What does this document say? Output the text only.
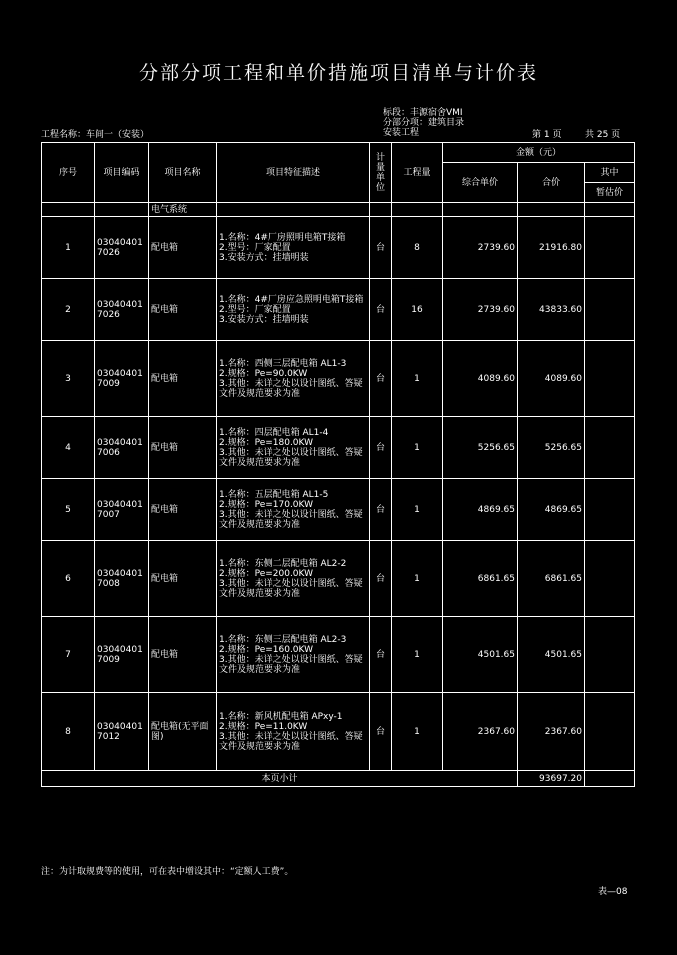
分部分项工程和单价措施项目清单与计价表
标段：丰源宿舍VMI
分部分项：建筑目录
安装工程
工程名称：车间一（安装）	第 1 页	共 25 页
序号	项目编码	项目名称	项目特征描述	计量单位	工程量	金额（元）		
						综合单价	合价	其中
								暂估价
		电气系统						
1	030404017026	配电箱	1.名称：4#厂房照明电箱T接箱
2.型号：厂家配置
3.安装方式：挂墙明装	台	8	2739.60	21916.80	
2	030404017026	配电箱	1.名称：4#厂房应急照明电箱T接箱
2.型号：厂家配置
3.安装方式：挂墙明装	台	16	2739.60	43833.60	
3	030404017009	配电箱	1.名称：西侧三层配电箱 AL1-3
2.规格：Pe=90.0KW
3.其他：未详之处以设计图纸、答疑文件及规范要求为准	台	1	4089.60	4089.60	
4	030404017006	配电箱	1.名称：四层配电箱 AL1-4
2.规格：Pe=180.0KW
3.其他：未详之处以设计图纸、答疑文件及规范要求为准	台	1	5256.65	5256.65	
5	030404017007	配电箱	1.名称：五层配电箱 AL1-5
2.规格：Pe=170.0KW
3.其他：未详之处以设计图纸、答疑文件及规范要求为准	台	1	4869.65	4869.65	
6	030404017008	配电箱	1.名称：东侧二层配电箱 AL2-2
2.规格：Pe=200.0KW
3.其他：未详之处以设计图纸、答疑文件及规范要求为准	台	1	6861.65	6861.65	
7	030404017009	配电箱	1.名称：东侧三层配电箱 AL2-3
2.规格：Pe=160.0KW
3.其他：未详之处以设计图纸、答疑文件及规范要求为准	台	1	4501.65	4501.65	
8	030404017012	配电箱(无平面图)	1.名称：新风机配电箱 APxy-1
2.规格：Pe=11.0KW
3.其他：未详之处以设计图纸、答疑文件及规范要求为准	台	1	2367.60	2367.60	
本页小计							93697.20	
注：为计取规费等的使用，可在表中增设其中：“定额人工费”。
表—08
